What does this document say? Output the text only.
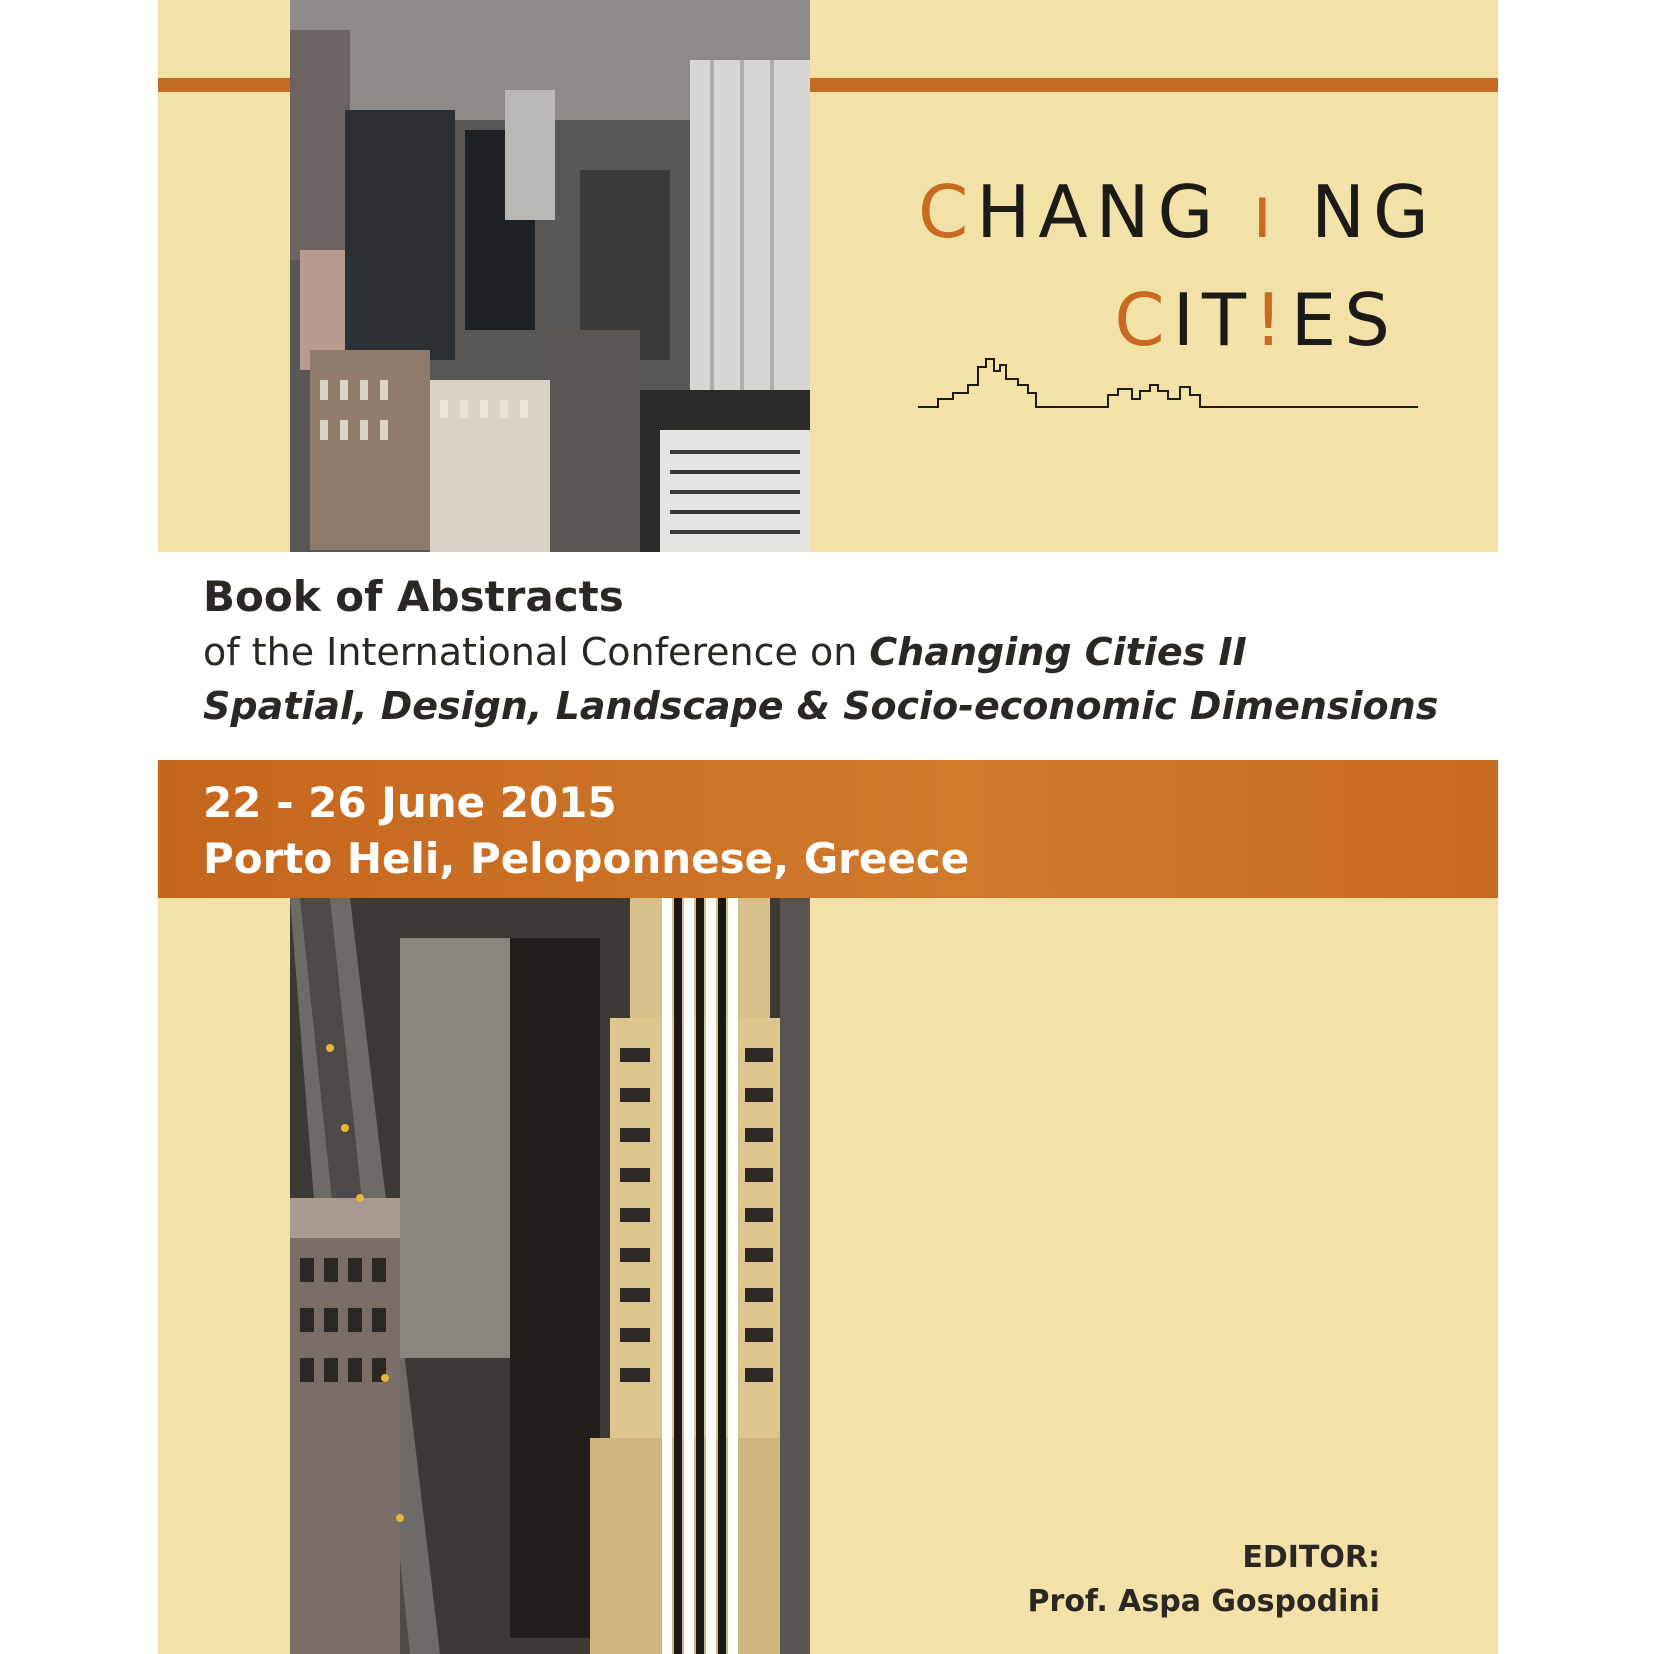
CHANG ı NG
CIT!ES
Book of Abstracts
of the International Conference on Changing Cities II
Spatial, Design, Landscape & Socio-economic Dimensions
22 - 26 June 2015
Porto Heli, Peloponnese, Greece
EDITOR:
Prof. Aspa Gospodini
